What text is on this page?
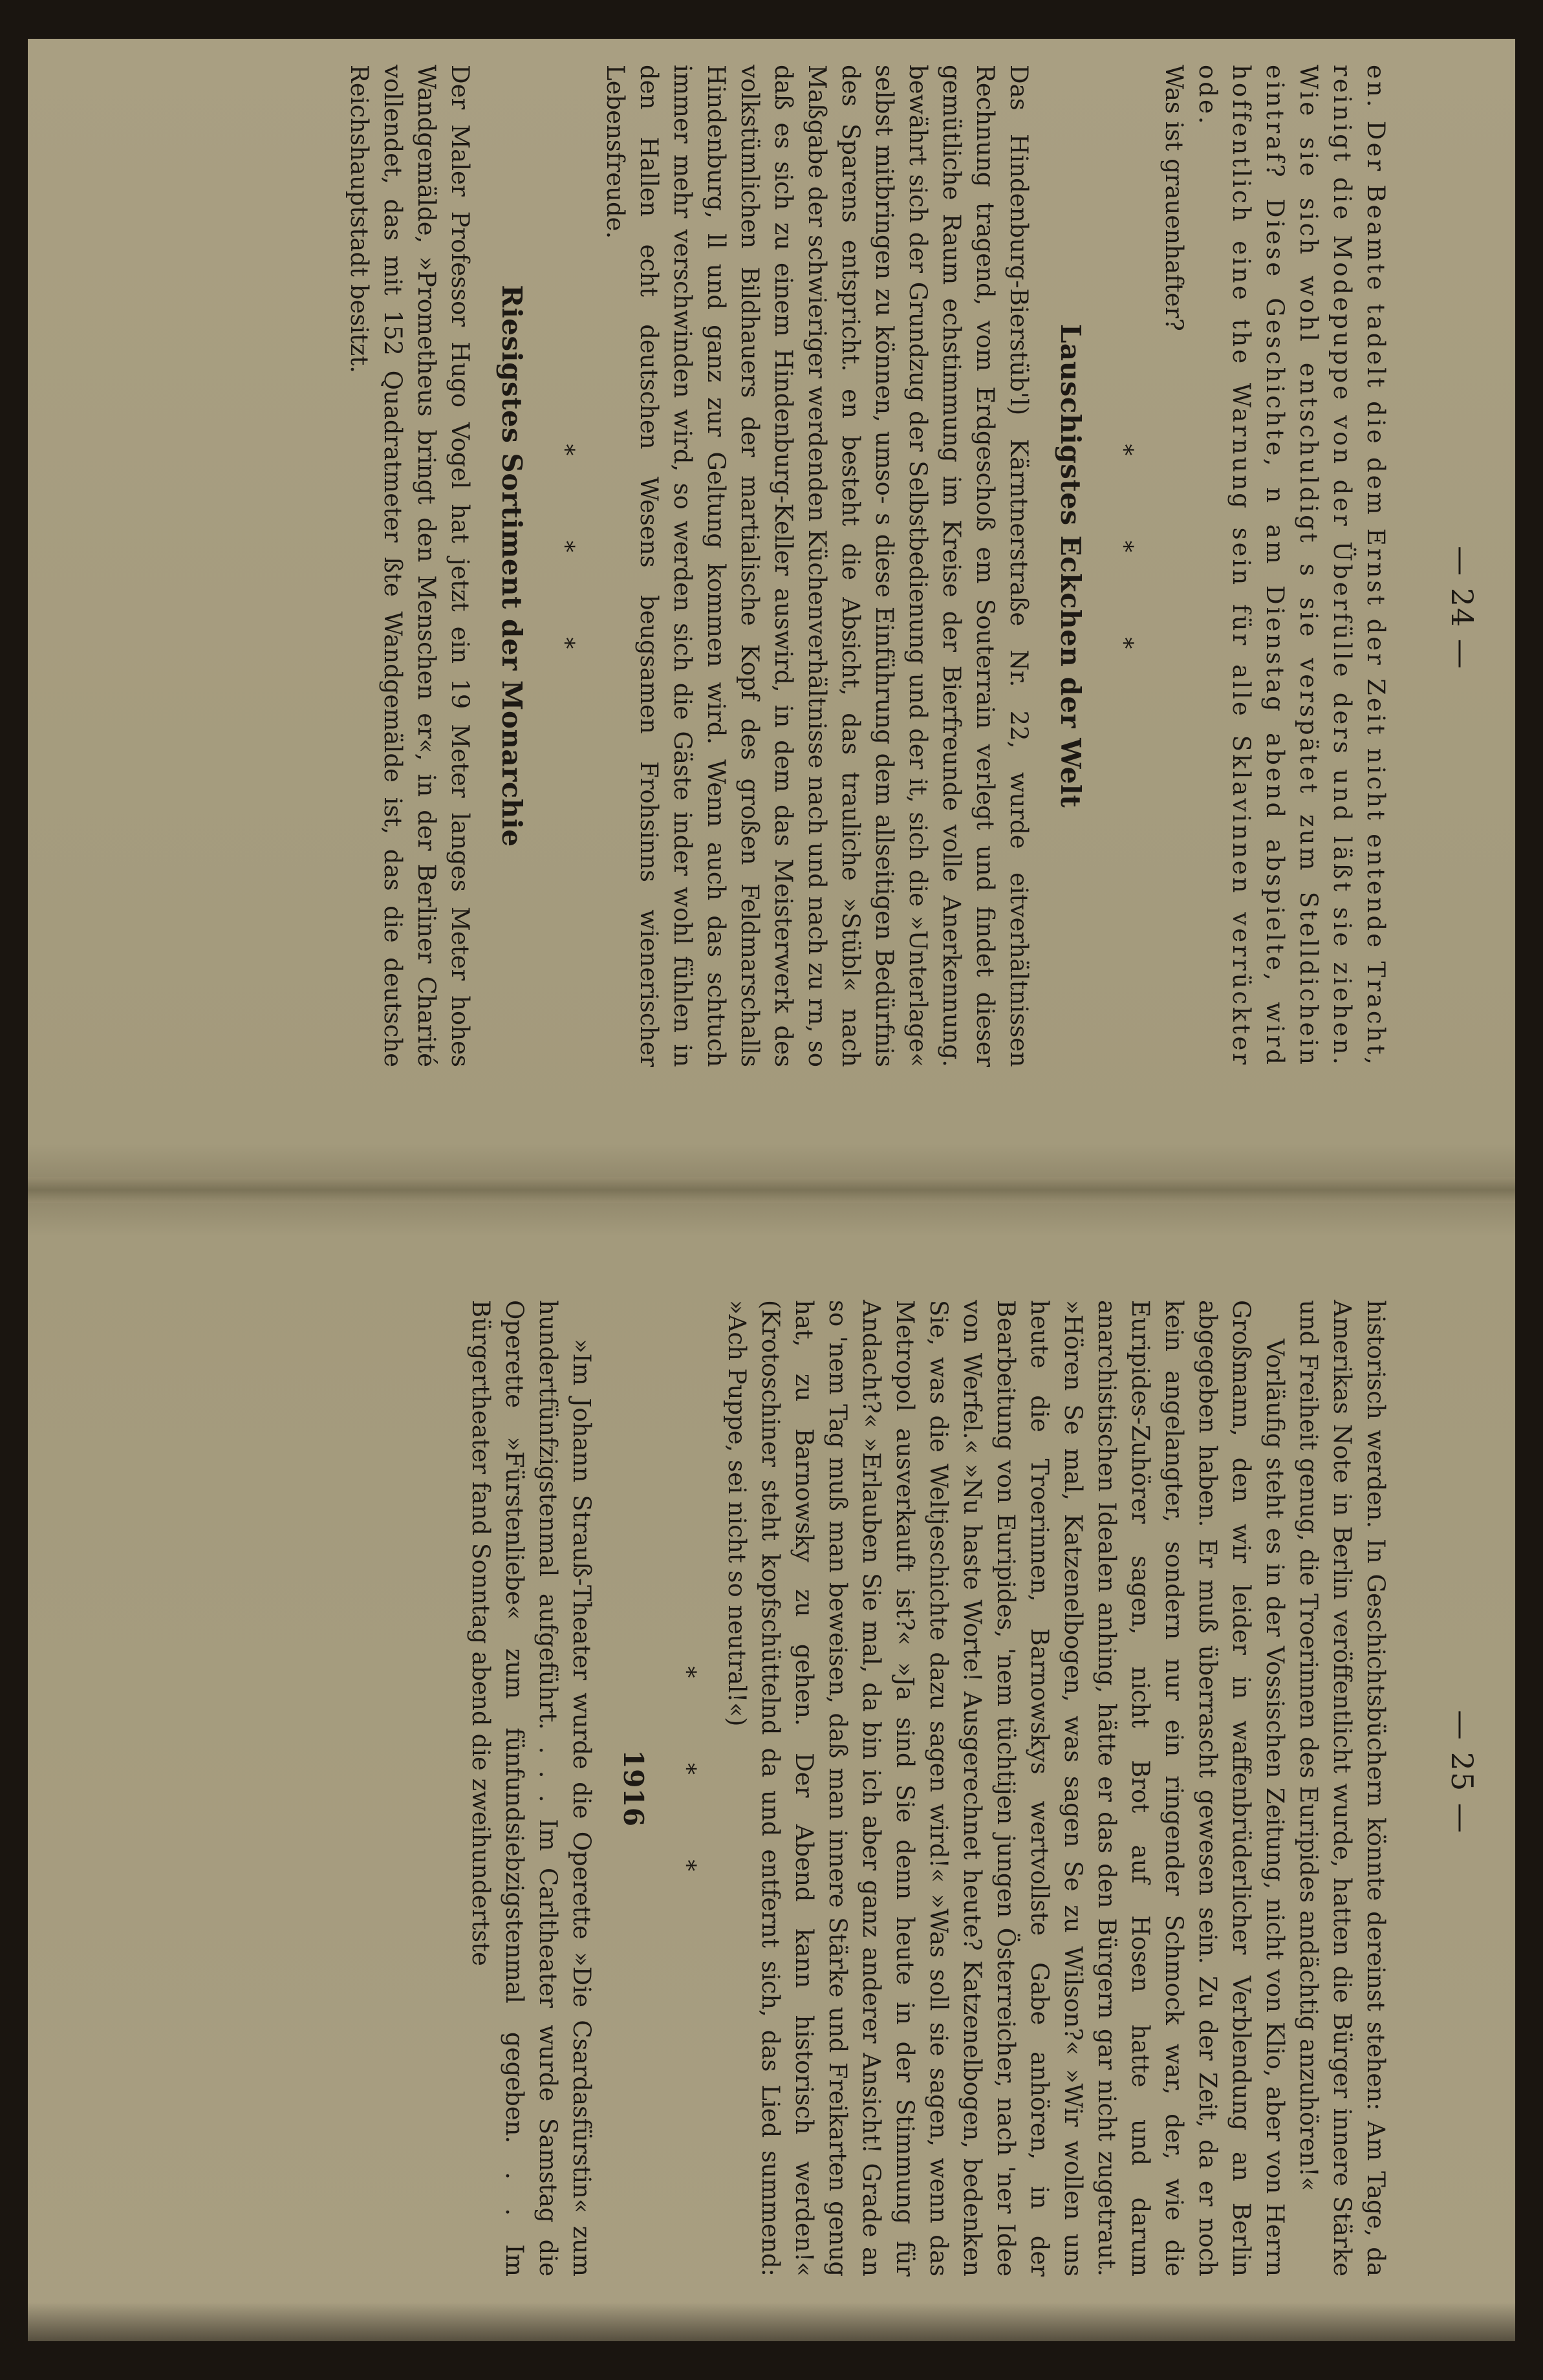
— 24 —

en. Der Beamte tadelt die dem Ernst der Zeit nicht entende Tracht, reinigt die Modepuppe von der Überfülle ders und läßt sie ziehen. Wie sie sich wohl entschuldigt s sie verspätet zum Stelldichein eintraf? Diese Geschichte, n am Dienstag abend abspielte, wird hoffentlich eine the Warnung sein für alle Sklavinnen verrückter ode.

Was ist grauenhafter?

* * *
Lauschigstes Eckchen der Welt

Das Hindenburg-Bierstüb'l) Kärntnerstraße Nr. 22, wurde eitverhältnissen Rechnung tragend, vom Erdgeschoß em Souterrain verlegt und findet dieser gemütliche Raum echstimmung im Kreise der Bierfreunde volle Anerkennung. bewährt sich der Grundzug der Selbstbedienung und der it, sich die »Unterlage« selbst mitbringen zu können, umso- s diese Einführung dem allseitigen Bedürfnis des Sparens entspricht. en besteht die Absicht, das trauliche »Stübl« nach Maßgabe der schwieriger werdenden Küchenverhältnisse nach und nach zu rn, so daß es sich zu einem Hindenburg-Keller auswird, in dem das Meisterwerk des volkstümlichen Bildhauers der martialische Kopf des großen Feldmarschalls Hindenburg, ll und ganz zur Geltung kommen wird. Wenn auch das schtuch immer mehr verschwinden wird, so werden sich die Gäste inder wohl fühlen in den Hallen echt deutschen Wesens beugsamen Frohsinns wienerischer Lebensfreude.

* * *
Riesigstes Sortiment der Monarchie

Der Maler Professor Hugo Vogel hat jetzt ein 19 Meter langes Meter hohes Wandgemälde, »Prometheus bringt den Menschen er«, in der Berliner Charité vollendet, das mit 152 Quadratmeter ßte Wandgemälde ist, das die deutsche Reichshauptstadt besitzt.

— 25 —

historisch werden. In Geschichtsbüchern könnte dereinst stehen: Am Tage, da Amerikas Note in Berlin veröffentlicht wurde, hatten die Bürger innere Stärke und Freiheit genug, die Troerinnen des Euripides andächtig anzuhören!«

Vorläufig steht es in der Vossischen Zeitung, nicht von Klio, aber von Herrn Großmann, den wir leider in waffenbrüderlicher Verblendung an Berlin abgegeben haben. Er muß überrascht gewesen sein. Zu der Zeit, da er noch kein angelangter, sondern nur ein ringender Schmock war, der, wie die Euripides-Zuhörer sagen, nicht Brot auf Hosen hatte und darum anarchistischen Idealen anhing, hätte er das den Bürgern gar nicht zugetraut. »Hören Se mal, Katzenelbogen, was sagen Se zu Wilson?« »Wir wollen uns heute die Troerinnen, Barnowskys wertvollste Gabe anhören, in der Bearbeitung von Euripides, 'nem tüchtijen jungen Österreicher, nach 'ner Idee von Werfel.« »Nu haste Worte! Ausgerechnet heute? Katzenelbogen, bedenken Sie, was die Weltjeschichte dazu sagen wird!« »Was soll sie sagen, wenn das Metropol ausverkauft ist?« »Ja sind Sie denn heute in der Stimmung für Andacht?« »Erlauben Sie mal, da bin ich aber ganz anderer Ansicht! Grade an so 'nem Tag muß man beweisen, daß man innere Stärke und Freikarten genug hat, zu Barnowsky zu gehen. Der Abend kann historisch werden!« (Krotoschiner steht kopfschüttelnd da und entfernt sich, das Lied summend: »Ach Puppe, sei nicht so neutral!«)

* * *
1916

»Im Johann Strauß-Theater wurde die Operette »Die Csardasfürstin« zum hundertfünfzigstenmal aufgeführt. . . . Im Carltheater wurde Samstag die Operette »Fürstenliebe« zum fünfundsiebzigstenmal gegeben. . . Im Bürgertheater fand Sonntag abend die zweihundertste
